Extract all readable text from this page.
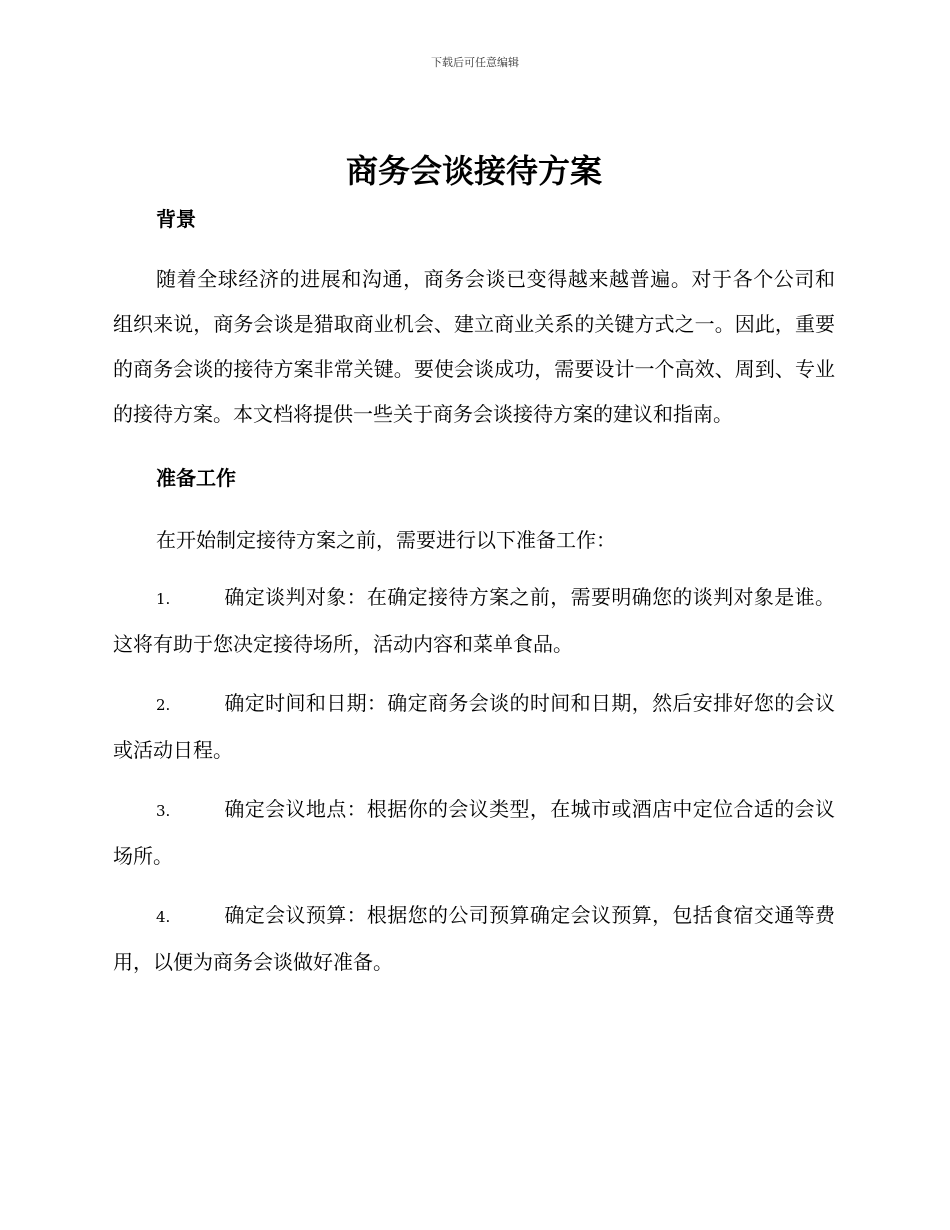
下载后可任意编辑
商务会谈接待方案
背景

随着全球经济的进展和沟通，商务会谈已变得越来越普遍。对于各个公司和组织来说，商务会谈是猎取商业机会、建立商业关系的关键方式之一。因此，重要的商务会谈的接待方案非常关键。要使会谈成功，需要设计一个高效、周到、专业的接待方案。本文档将提供一些关于商务会谈接待方案的建议和指南。

准备工作

在开始制定接待方案之前，需要进行以下准备工作：

1.	确定谈判对象：在确定接待方案之前，需要明确您的谈判对象是谁。这将有助于您决定接待场所，活动内容和菜单食品。

2.	确定时间和日期：确定商务会谈的时间和日期，然后安排好您的会议或活动日程。

3.	确定会议地点：根据你的会议类型，在城市或酒店中定位合适的会议场所。

4.	确定会议预算：根据您的公司预算确定会议预算，包括食宿交通等费用，以便为商务会谈做好准备。
